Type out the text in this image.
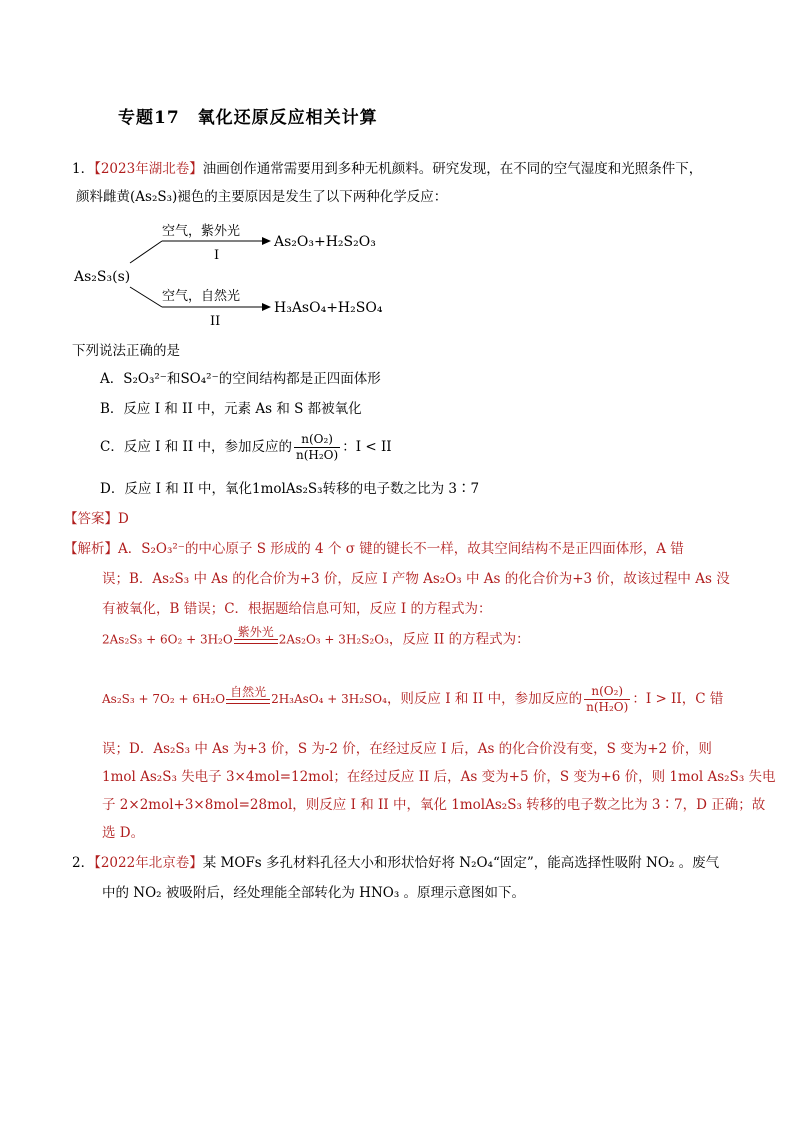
专题17　氧化还原反应相关计算
1．【2023年湖北卷】油画创作通常需要用到多种无机颜料。研究发现，在不同的空气湿度和光照条件下，
颜料雌黄(As₂S₃)褪色的主要原因是发生了以下两种化学反应：
As₂S₃(s)
空气，紫外光
I
As₂O₃+H₂S₂O₃
空气，自然光
II
H₃AsO₄+H₂SO₄
下列说法正确的是
A．S₂O₃²⁻和SO₄²⁻的空间结构都是正四面体形
B．反应 I 和 II 中，元素 As 和 S 都被氧化
C．反应 I 和 II 中，参加反应的 $\frac{\text{n(O₂)}}{\text{n(H₂O)}}$ ：I < II
D．反应 I 和 II 中，氧化1molAs₂S₃转移的电子数之比为 3∶7
【答案】D
【解析】A．S₂O₃²⁻的中心原子 S 形成的 4 个 σ 键的键长不一样，故其空间结构不是正四面体形，A 错
误；B．As₂S₃ 中 As 的化合价为+3 价，反应 I 产物 As₂O₃ 中 As 的化合价为+3 价，故该过程中 As 没
有被氧化，B 错误；C．根据题给信息可知，反应 I 的方程式为：
2As₂S₃ + 6O₂ + 3H₂O
紫外光
2As₂O₃ + 3H₂S₂O₃，反应 II 的方程式为：
As₂S₃ + 7O₂ + 6H₂O
自然光
2H₃AsO₄ + 3H₂SO₄，则反应 I 和 II 中，参加反应的 $\frac{\text{n(O₂)}}{\text{n(H₂O)}}$ ：I > II，C 错
误；D．As₂S₃ 中 As 为+3 价，S 为-2 价，在经过反应 I 后，As 的化合价没有变，S 变为+2 价，则
1mol As₂S₃ 失电子 3×4mol=12mol；在经过反应 II 后，As 变为+5 价，S 变为+6 价，则 1mol As₂S₃ 失电
子 2×2mol+3×8mol=28mol，则反应 I 和 II 中，氧化 1molAs₂S₃ 转移的电子数之比为 3∶7，D 正确；故
选 D。
2．【2022年北京卷】某 MOFs 多孔材料孔径大小和形状恰好将 N₂O₄“固定”，能高选择性吸附 NO₂ 。废气
中的 NO₂ 被吸附后，经处理能全部转化为 HNO₃ 。原理示意图如下。
